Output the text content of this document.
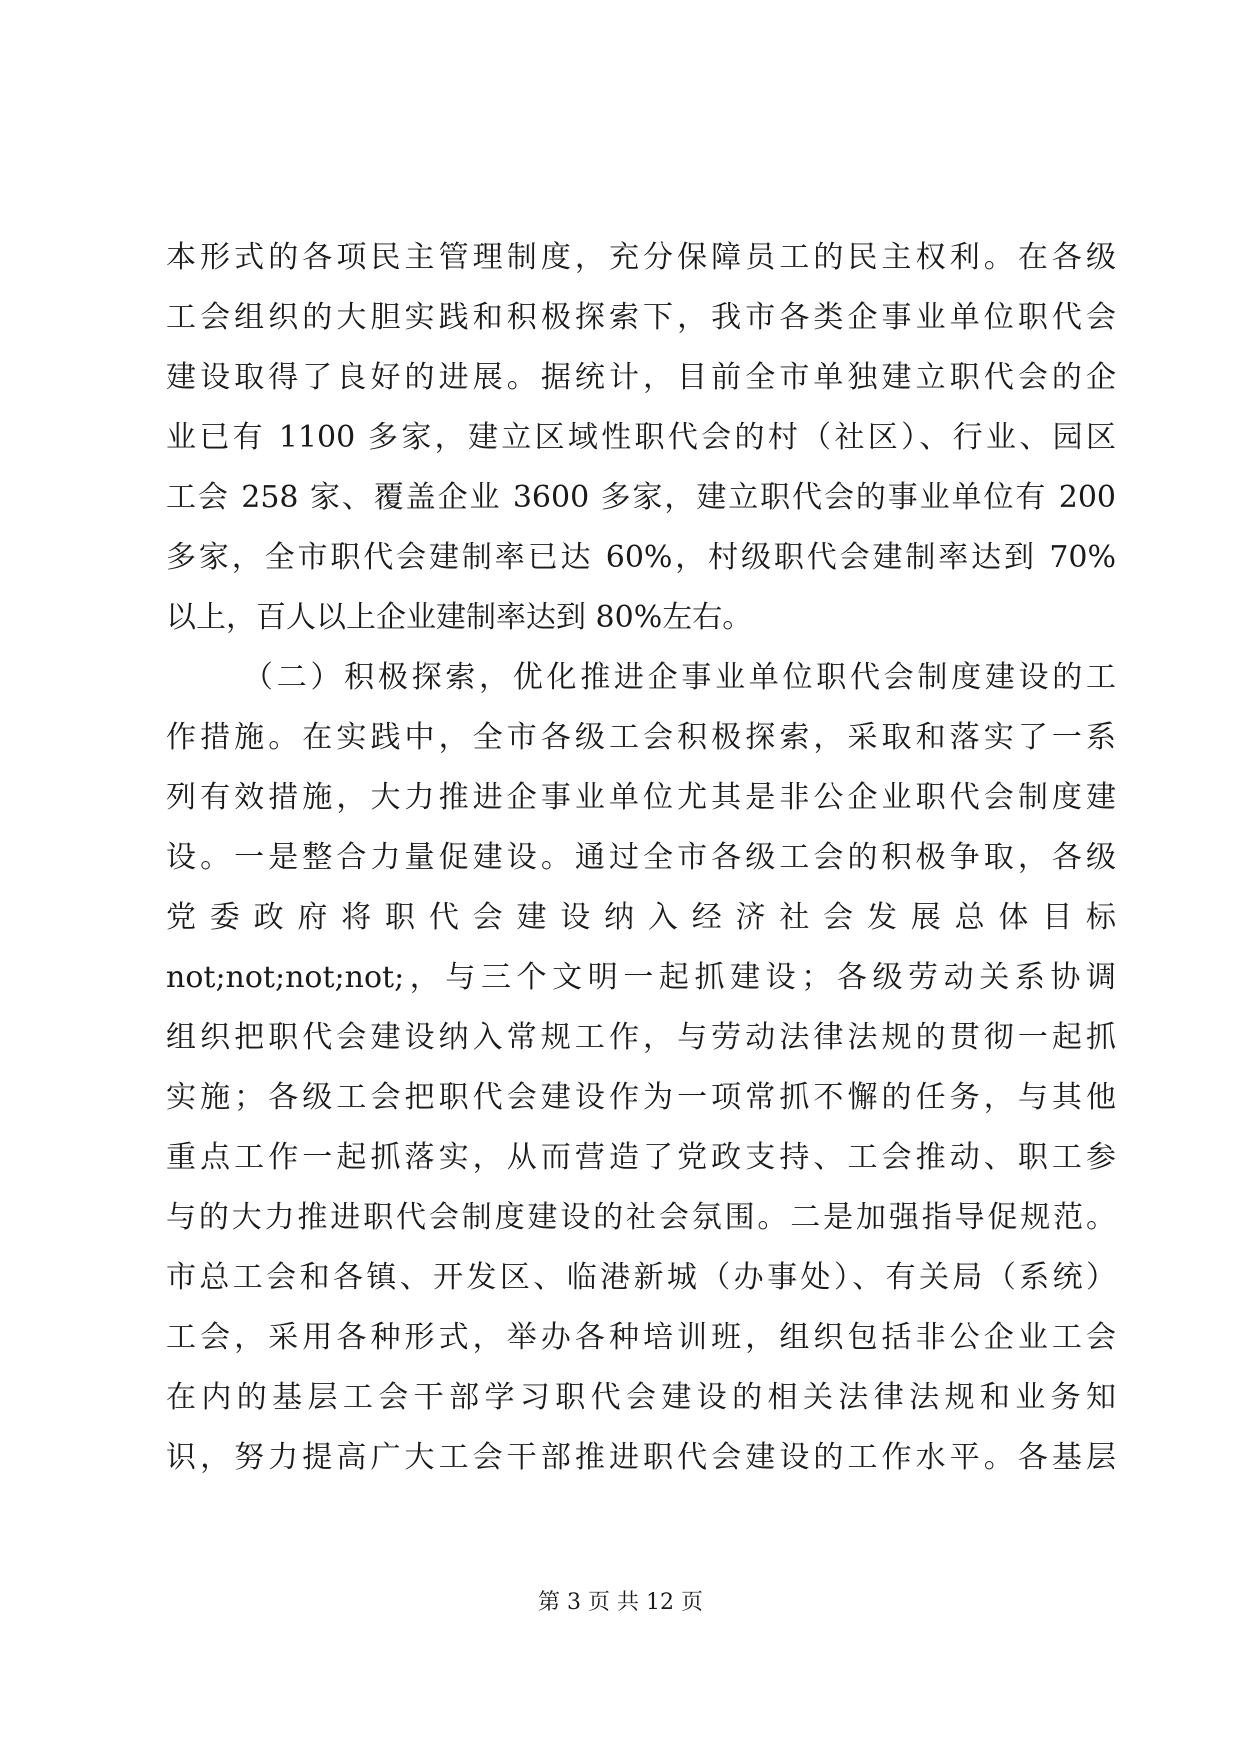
本形式的各项民主管理制度，充分保障员工的民主权利。在各级
工会组织的大胆实践和积极探索下，我市各类企事业单位职代会
建设取得了良好的进展。据统计，目前全市单独建立职代会的企
业已有 1100 多家，建立区域性职代会的村（社区）、行业、园区
工会 258 家、覆盖企业 3600 多家，建立职代会的事业单位有 200
多家，全市职代会建制率已达 60%，村级职代会建制率达到 70%
以上，百人以上企业建制率达到 80%左右。
（二）积极探索，优化推进企事业单位职代会制度建设的工
作措施。在实践中，全市各级工会积极探索，采取和落实了一系
列有效措施，大力推进企事业单位尤其是非公企业职代会制度建
设。一是整合力量促建设。通过全市各级工会的积极争取，各级
党委政府将职代会建设纳入经济社会发展总体目标
not;not;not;not;，与三个文明一起抓建设；各级劳动关系协调
组织把职代会建设纳入常规工作，与劳动法律法规的贯彻一起抓
实施；各级工会把职代会建设作为一项常抓不懈的任务，与其他
重点工作一起抓落实，从而营造了党政支持、工会推动、职工参
与的大力推进职代会制度建设的社会氛围。二是加强指导促规范。
市总工会和各镇、开发区、临港新城（办事处）、有关局（系统）
工会，采用各种形式，举办各种培训班，组织包括非公企业工会
在内的基层工会干部学习职代会建设的相关法律法规和业务知
识，努力提高广大工会干部推进职代会建设的工作水平。各基层
第 3 页 共 12 页
